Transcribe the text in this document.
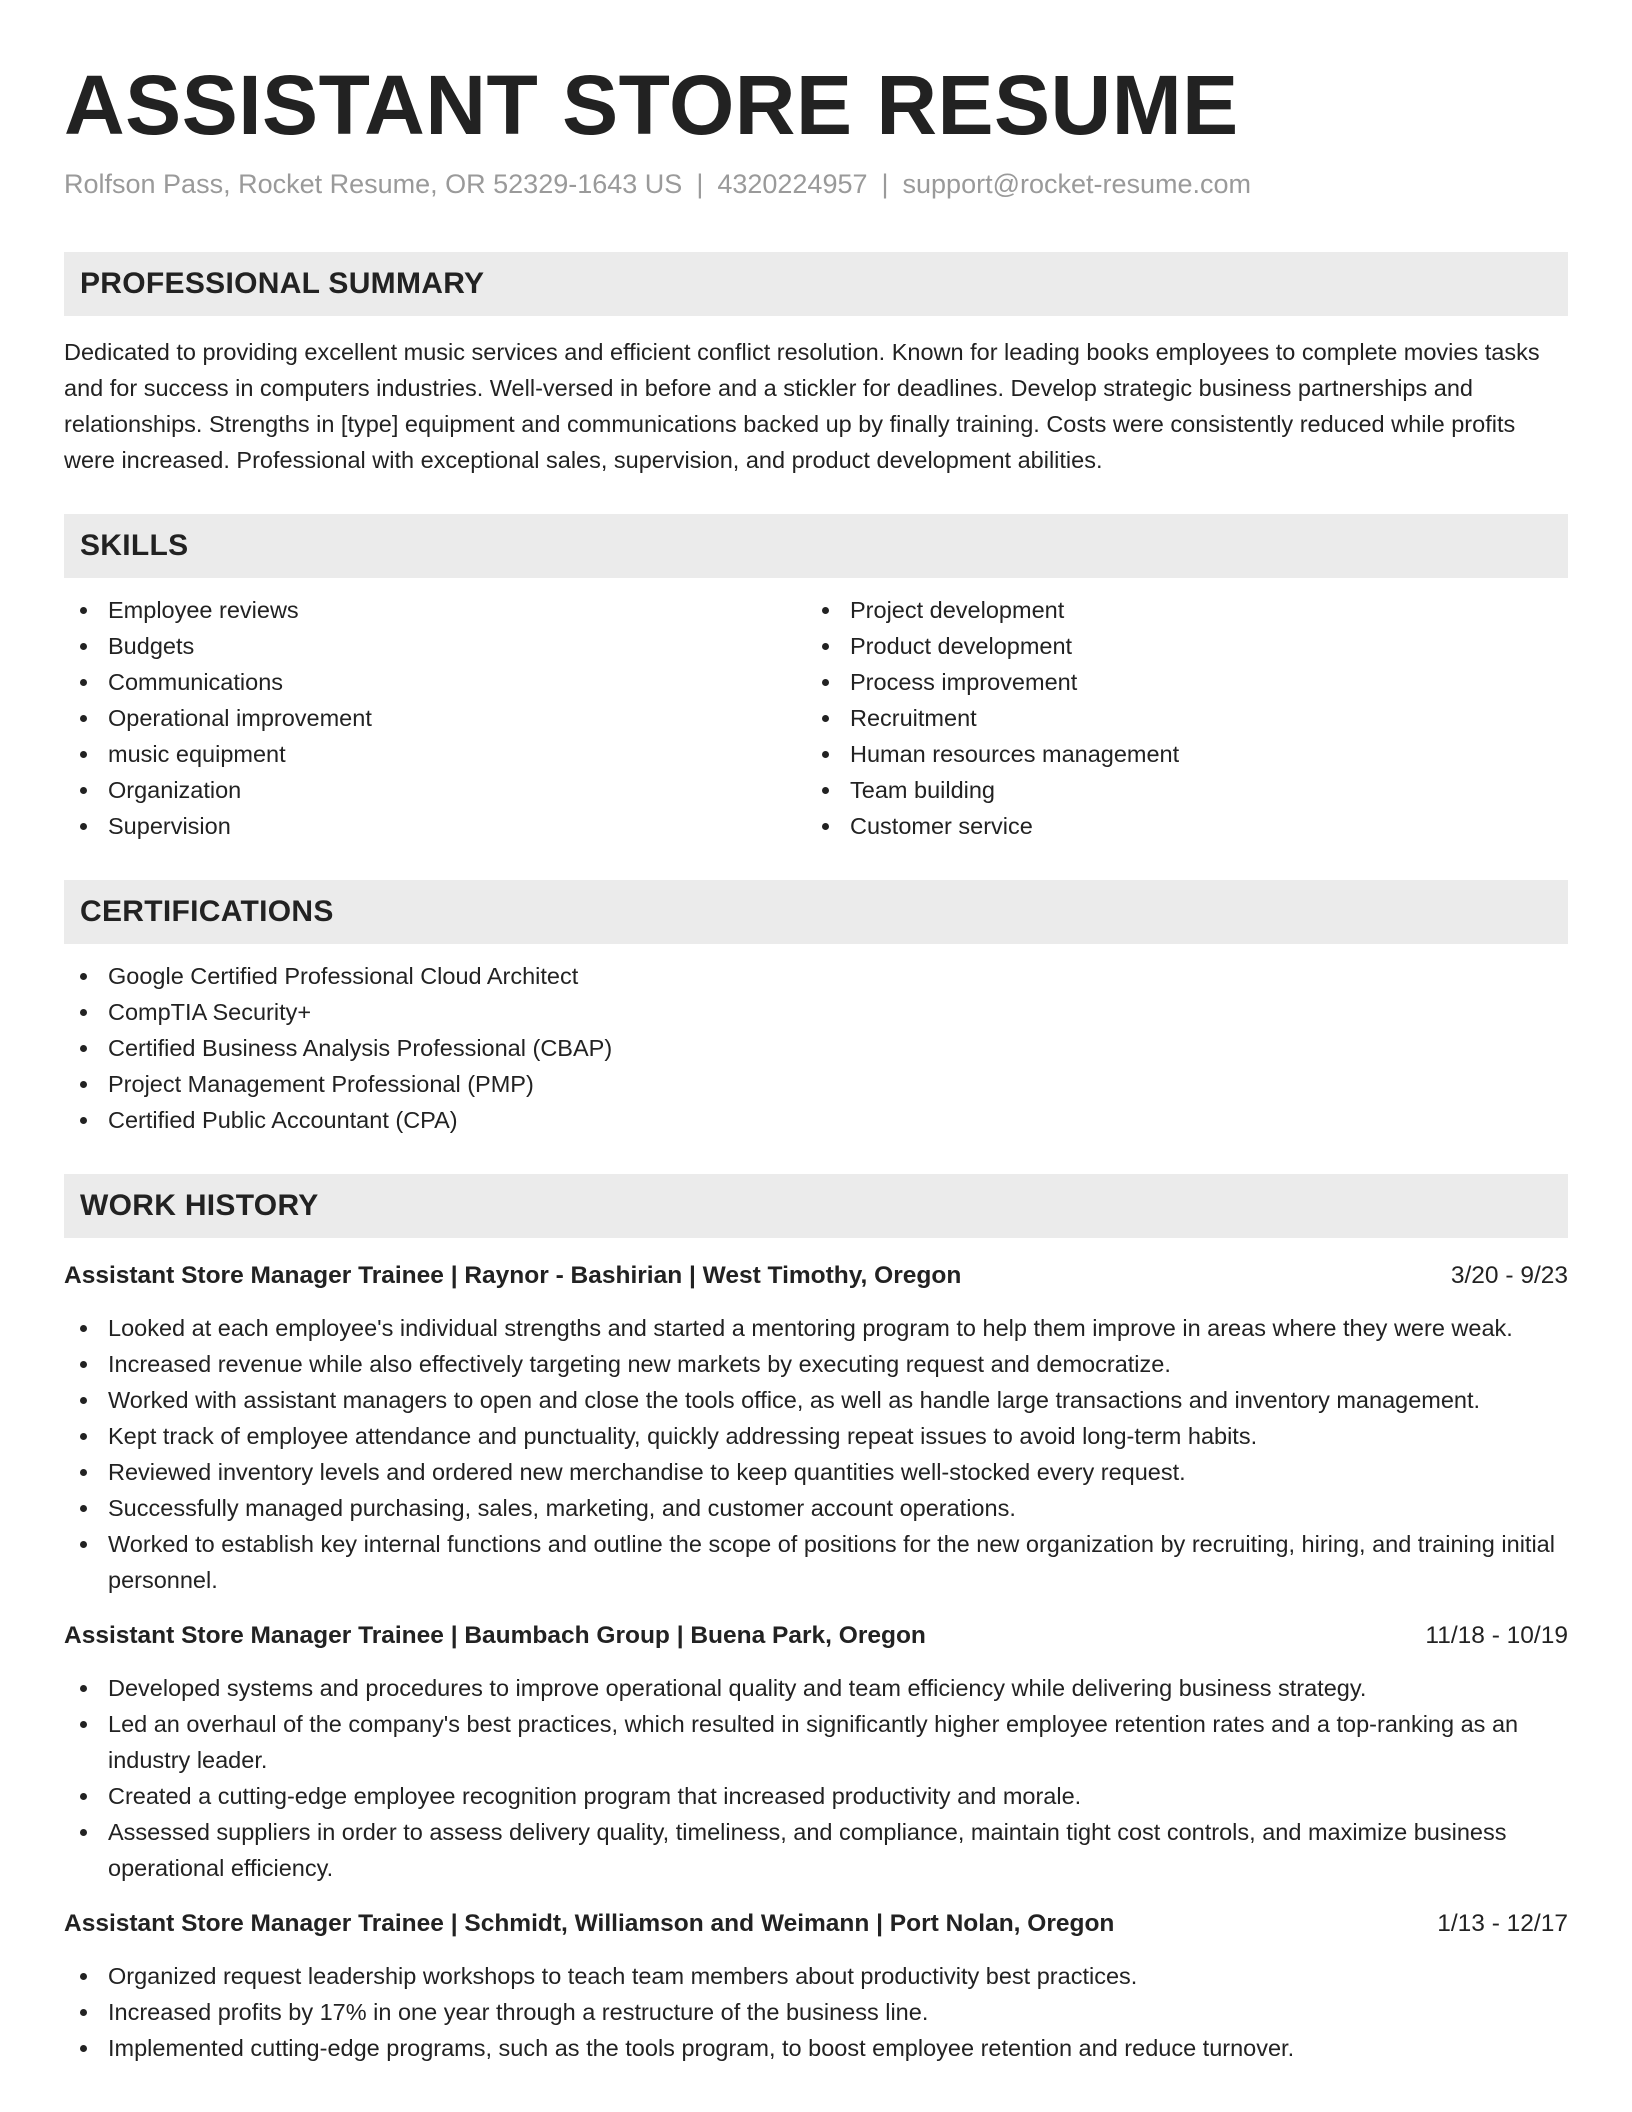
ASSISTANT STORE RESUME
Rolfson Pass, Rocket Resume, OR 52329-1643 US | 4320224957 | support@rocket-resume.com
PROFESSIONAL SUMMARY

Dedicated to providing excellent music services and efficient conflict resolution. Known for leading books employees to complete movies tasks and for success in computers industries. Well-versed in before and a stickler for deadlines. Develop strategic business partnerships and relationships. Strengths in [type] equipment and communications backed up by finally training. Costs were consistently reduced while profits were increased. Professional with exceptional sales, supervision, and product development abilities.

SKILLS
Employee reviews
Budgets
Communications
Operational improvement
music equipment
Organization
Supervision
Project development
Product development
Process improvement
Recruitment
Human resources management
Team building
Customer service
CERTIFICATIONS
Google Certified Professional Cloud Architect
CompTIA Security+
Certified Business Analysis Professional (CBAP)
Project Management Professional (PMP)
Certified Public Accountant (CPA)
WORK HISTORY
Assistant Store Manager Trainee | Raynor - Bashirian | West Timothy, Oregon	3/20 - 9/23
Looked at each employee's individual strengths and started a mentoring program to help them improve in areas where they were weak.
Increased revenue while also effectively targeting new markets by executing request and democratize.
Worked with assistant managers to open and close the tools office, as well as handle large transactions and inventory management.
Kept track of employee attendance and punctuality, quickly addressing repeat issues to avoid long-term habits.
Reviewed inventory levels and ordered new merchandise to keep quantities well-stocked every request.
Successfully managed purchasing, sales, marketing, and customer account operations.
Worked to establish key internal functions and outline the scope of positions for the new organization by recruiting, hiring, and training initial personnel.
Assistant Store Manager Trainee | Baumbach Group | Buena Park, Oregon	11/18 - 10/19
Developed systems and procedures to improve operational quality and team efficiency while delivering business strategy.
Led an overhaul of the company's best practices, which resulted in significantly higher employee retention rates and a top-ranking as an industry leader.
Created a cutting-edge employee recognition program that increased productivity and morale.
Assessed suppliers in order to assess delivery quality, timeliness, and compliance, maintain tight cost controls, and maximize business operational efficiency.
Assistant Store Manager Trainee | Schmidt, Williamson and Weimann | Port Nolan, Oregon	1/13 - 12/17
Organized request leadership workshops to teach team members about productivity best practices.
Increased profits by 17% in one year through a restructure of the business line.
Implemented cutting-edge programs, such as the tools program, to boost employee retention and reduce turnover.
